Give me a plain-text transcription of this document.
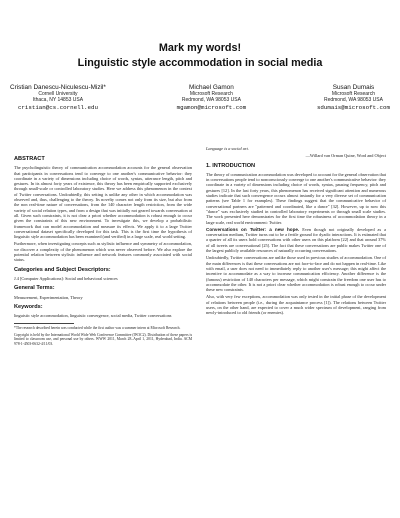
Mark my words!
Linguistic style accommodation in social media
Cristian Danescu-Niculescu-Mizil*
Cornell University
Ithaca, NY 14853 USA
cristian@cs.cornell.edu
Michael Gamon
Microsoft Research
Redmond, WA 98053 USA
mgamon@microsoft.com
Susan Dumais
Microsoft Research
Redmond, WA 98053 USA
sdumais@microsoft.com
ABSTRACT

The psycholinguistic theory of communication accommodation accounts for the general observation that participants in conversations tend to converge to one another's communicative behavior: they coordinate in a variety of dimensions including choice of words, syntax, utterance length, pitch and gestures. In its almost forty years of existence, this theory has been empirically supported exclusively through small-scale or controlled laboratory studies. Here we address this phenomenon in the context of Twitter conversations. Undoubtedly, this setting is unlike any other in which accommodation was observed and, thus, challenging to the theory. Its novelty comes not only from its size, but also from the non real-time nature of conversations, from the 140 character length restriction, from the wide variety of social relation types, and from a design that was initially not geared towards conversation at all. Given such constraints, it is not clear a priori whether accommodation is robust enough to occur given the constraints of this new environment. To investigate this, we develop a probabilistic framework that can model accommodation and measure its effects. We apply it to a large Twitter conversational dataset specifically developed for this task. This is the first time the hypothesis of linguistic style accommodation has been examined (and verified) in a large scale, real world setting.

Furthermore, when investigating concepts such as stylistic influence and symmetry of accommodation, we discover a complexity of the phenomenon which was never observed before. We also explore the potential relation between stylistic influence and network features commonly associated with social status.

Categories and Subject Descriptors:

J.4 [Computer Applications]: Social and behavioral sciences

General Terms:

Measurement, Experimentation, Theory

Keywords:

linguistic style accommodation, linguistic convergence, social media, Twitter conversations

*The research described herein was conducted while the first author was a summer intern at Microsoft Research.

Copyright is held by the International World Wide Web Conference Committee (IW3C2). Distribution of these papers is limited to classroom use, and personal use by others. WWW 2011, March 28–April 1, 2011, Hyderabad, India. ACM 978-1-4503-0632-4/11/03.

Language is a social art.

—Willard van Orman Quine, Word and Object

1. INTRODUCTION

The theory of communication accommodation was developed to account for the general observation that in conversations people tend to nonconsciously converge to one another's communicative behavior: they coordinate in a variety of dimensions including choice of words, syntax, pausing frequency, pitch and gestures [12]. In the last forty years, this phenomenon has received significant attention and numerous studies indicate that such convergence occurs almost instantly for a very diverse set of communication patterns (see Table 1 for examples). These findings suggest that the communicative behavior of conversational partners are "patterned and coordinated, like a dance" [32]. However, up to now this "dance" was exclusively studied in controlled laboratory experiments or through small scale studies. The work presented here demonstrates for the first time the robustness of accommodation theory in a large scale, real world environment: Twitter.

Conversations on Twitter: a new hope. Even though not originally developed as a conversation medium, Twitter turns out to be a fertile ground for dyadic interactions. It is estimated that a quarter of all its users hold conversations with other users on this platform [22] and that around 37% of all tweets are conversational [25]. The fact that these conversations are public makes Twitter one of the largest publicly available resources of naturally occurring conversations.

Undoubtedly, Twitter conversations are unlike those used in previous studies of accommodation. One of the main differences is that these conversations are not face-to-face and do not happen in real-time. Like with email, a user does not need to immediately reply to another user's message; this might affect the incentive to accommodate as a way to increase communication efficiency. Another difference is the (famous) restriction of 140 characters per message, which might constrain the freedom one user has to accommodate the other. It is not a priori clear whether accommodation is robust enough to occur under these new constraints.

Also, with very few exceptions, accommodation was only tested in the initial phase of the development of relations between people (i.e., during the acquaintance process [1]). The relations between Twitter users, on the other hand, are expected to cover a much wider spectrum of development, ranging from newly-introduced to old friends (or enemies).
